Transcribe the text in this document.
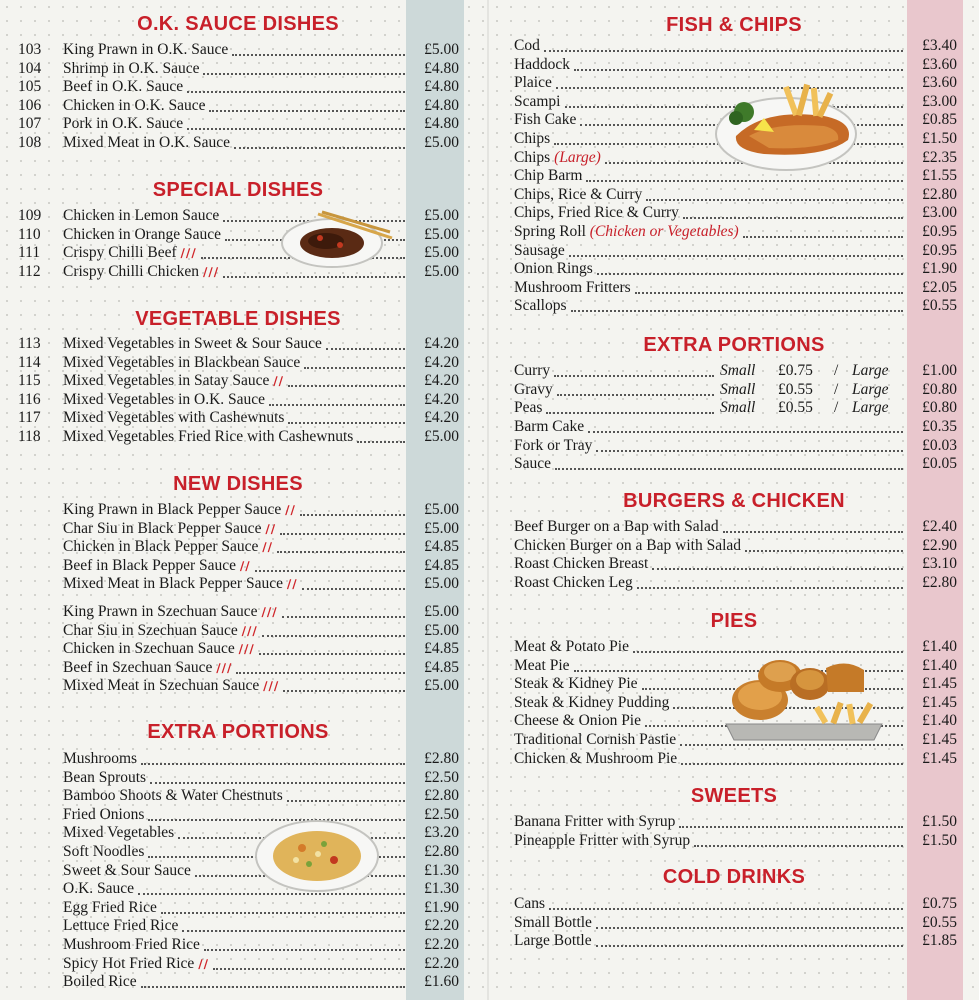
O.K. SAUCE DISHES
103	King Prawn in O.K. Sauce	£5.00
104	Shrimp in O.K. Sauce	£4.80
105	Beef in O.K. Sauce	£4.80
106	Chicken in O.K. Sauce	£4.80
107	Pork in O.K. Sauce	£4.80
108	Mixed Meat in O.K. Sauce	£5.00
SPECIAL DISHES
109	Chicken in Lemon Sauce	£5.00
110	Chicken in Orange Sauce	£5.00
111	Crispy Chilli Beef ∕∕∕	£5.00
112	Crispy Chilli Chicken ∕∕∕	£5.00
VEGETABLE DISHES
113	Mixed Vegetables in Sweet & Sour Sauce	£4.20
114	Mixed Vegetables in Blackbean Sauce	£4.20
115	Mixed Vegetables in Satay Sauce ∕∕	£4.20
116	Mixed Vegetables in O.K. Sauce	£4.20
117	Mixed Vegetables with Cashewnuts	£4.20
118	Mixed Vegetables Fried Rice with Cashewnuts	£5.00
NEW DISHES
King Prawn in Black Pepper Sauce ∕∕	£5.00
Char Siu in Black Pepper Sauce ∕∕	£5.00
Chicken in Black Pepper Sauce ∕∕	£4.85
Beef in Black Pepper Sauce ∕∕	£4.85
Mixed Meat in Black Pepper Sauce ∕∕	£5.00
King Prawn in Szechuan Sauce ∕∕∕	£5.00
Char Siu in Szechuan Sauce ∕∕∕	£5.00
Chicken in Szechuan Sauce ∕∕∕	£4.85
Beef in Szechuan Sauce ∕∕∕	£4.85
Mixed Meat in Szechuan Sauce ∕∕∕	£5.00
EXTRA PORTIONS
Mushrooms	£2.80
Bean Sprouts	£2.50
Bamboo Shoots & Water Chestnuts	£2.80
Fried Onions	£2.50
Mixed Vegetables	£3.20
Soft Noodles	£2.80
Sweet & Sour Sauce	£1.30
O.K. Sauce	£1.30
Egg Fried Rice	£1.90
Lettuce Fried Rice	£2.20
Mushroom Fried Rice	£2.20
Spicy Hot Fried Rice ∕∕	£2.20
Boiled Rice	£1.60
FISH & CHIPS
Cod	£3.40
Haddock	£3.60
Plaice	£3.60
Scampi	£3.00
Fish Cake	£0.85
Chips	£1.50
Chips (Large)	£2.35
Chip Barm	£1.55
Chips, Rice & Curry	£2.80
Chips, Fried Rice & Curry	£3.00
Spring Roll (Chicken or Vegetables)	£0.95
Sausage	£0.95
Onion Rings	£1.90
Mushroom Fritters	£2.05
Scallops	£0.55
EXTRA PORTIONS
Curry	Small £0.75 / Large	£1.00
Gravy	Small £0.55 / Large	£0.80
Peas	Small £0.55 / Large	£0.80
Barm Cake	£0.35
Fork or Tray	£0.03
Sauce	£0.05
BURGERS & CHICKEN
Beef Burger on a Bap with Salad	£2.40
Chicken Burger on a Bap with Salad	£2.90
Roast Chicken Breast	£3.10
Roast Chicken Leg	£2.80
PIES
Meat & Potato Pie	£1.40
Meat Pie	£1.40
Steak & Kidney Pie	£1.45
Steak & Kidney Pudding	£1.45
Cheese & Onion Pie	£1.40
Traditional Cornish Pastie	£1.45
Chicken & Mushroom Pie	£1.45
SWEETS
Banana Fritter with Syrup	£1.50
Pineapple Fritter with Syrup	£1.50
COLD DRINKS
Cans	£0.75
Small Bottle	£0.55
Large Bottle	£1.85
